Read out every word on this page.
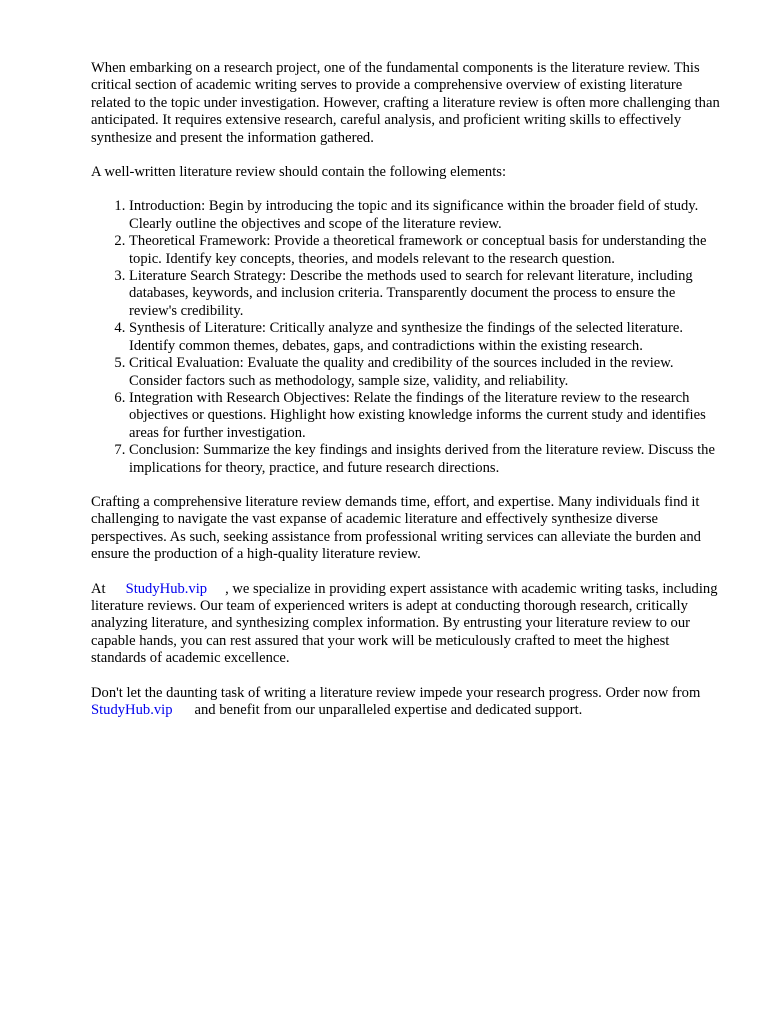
When embarking on a research project, one of the fundamental components is the literature review. This critical section of academic writing serves to provide a comprehensive overview of existing literature related to the topic under investigation. However, crafting a literature review is often more challenging than anticipated. It requires extensive research, careful analysis, and proficient writing skills to effectively synthesize and present the information gathered.

A well-written literature review should contain the following elements:

1. Introduction: Begin by introducing the topic and its significance within the broader field of study. Clearly outline the objectives and scope of the literature review.
2. Theoretical Framework: Provide a theoretical framework or conceptual basis for understanding the topic. Identify key concepts, theories, and models relevant to the research question.
3. Literature Search Strategy: Describe the methods used to search for relevant literature, including databases, keywords, and inclusion criteria. Transparently document the process to ensure the review's credibility.
4. Synthesis of Literature: Critically analyze and synthesize the findings of the selected literature. Identify common themes, debates, gaps, and contradictions within the existing research.
5. Critical Evaluation: Evaluate the quality and credibility of the sources included in the review. Consider factors such as methodology, sample size, validity, and reliability.
6. Integration with Research Objectives: Relate the findings of the literature review to the research objectives or questions. Highlight how existing knowledge informs the current study and identifies areas for further investigation.
7. Conclusion: Summarize the key findings and insights derived from the literature review. Discuss the implications for theory, practice, and future research directions.

Crafting a comprehensive literature review demands time, effort, and expertise. Many individuals find it challenging to navigate the vast expanse of academic literature and effectively synthesize diverse perspectives. As such, seeking assistance from professional writing services can alleviate the burden and ensure the production of a high-quality literature review.

At StudyHub.vip , we specialize in providing expert assistance with academic writing tasks, including literature reviews. Our team of experienced writers is adept at conducting thorough research, critically analyzing literature, and synthesizing complex information. By entrusting your literature review to our capable hands, you can rest assured that your work will be meticulously crafted to meet the highest standards of academic excellence.

Don't let the daunting task of writing a literature review impede your research progress. Order now fromStudyHub.vip and benefit from our unparalleled expertise and dedicated support.
